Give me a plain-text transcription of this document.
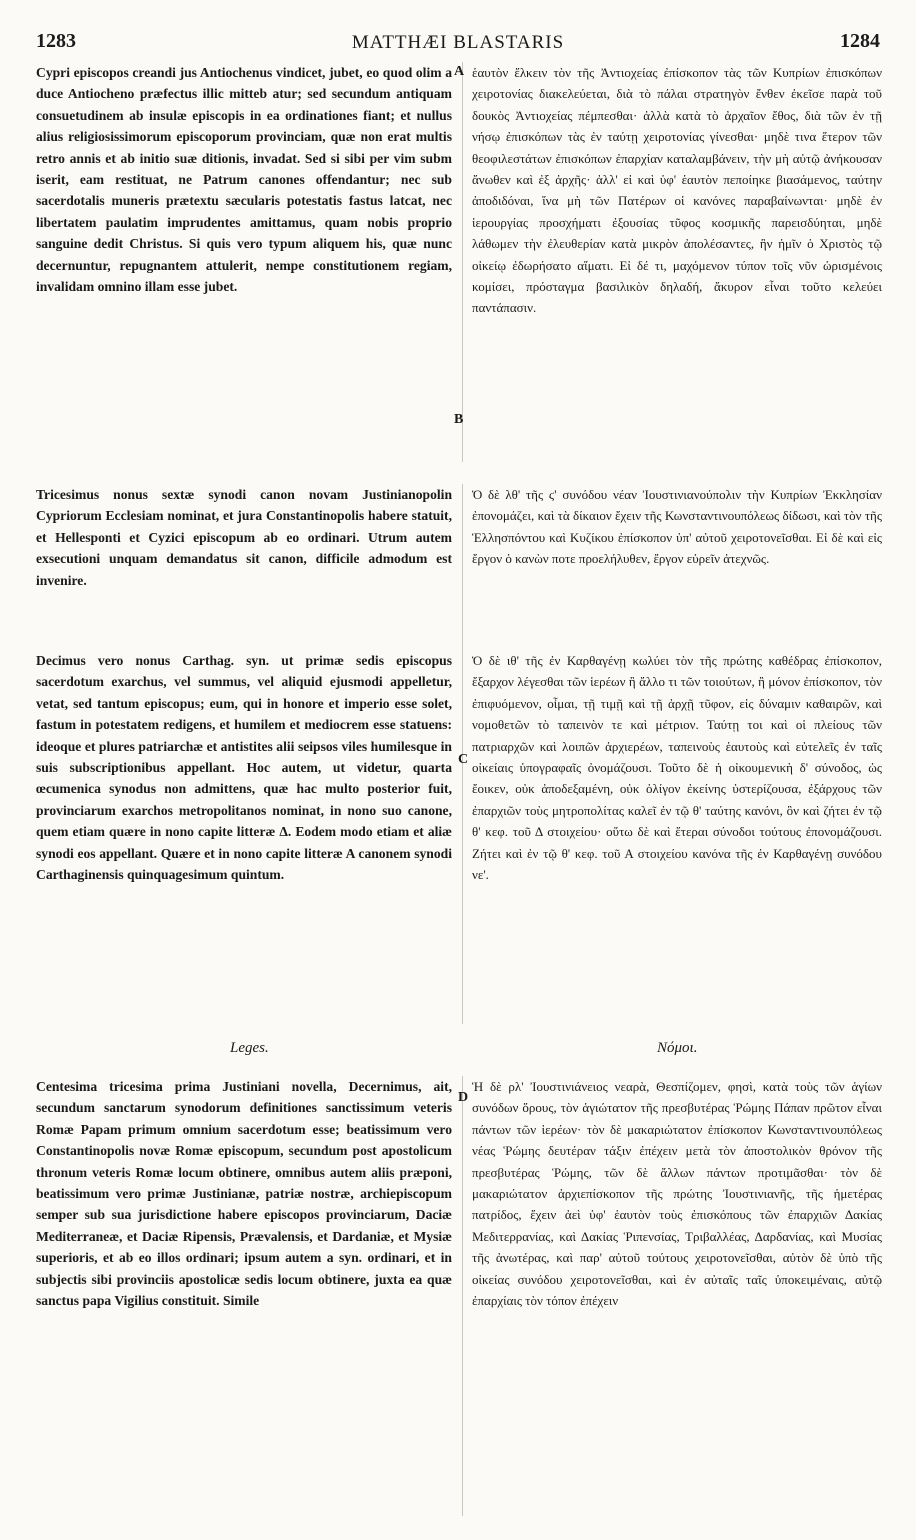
1283	MATTHÆI BLASTARIS	1284
A
B
C
D

Cypri episcopos creandi jus Antiochenus vindicet, jubet, eo quod olim a duce Antiocheno præfectus illic mitteb atur; sed secundum antiquam consuetudinem ab insulæ episcopis in ea ordinationes fiant; et nullus alius religiosissimorum episcoporum provinciam, quæ non erat multis retro annis et ab initio suæ ditionis, invadat. Sed si sibi per vim subm iserit, eam restituat, ne Patrum canones offendantur; nec sub sacerdotalis muneris prætextu sæcularis potestatis fastus latcat, nec libertatem paulatim imprudentes amittamus, quam nobis proprio sanguine dedit Christus. Si quis vero typum aliquem his, quæ nunc decernuntur, repugnantem attulerit, nempe constitutionem regiam, invalidam omnino illam esse jubet.

ἑαυτὸν ἕλκειν τὸν τῆς Ἀντιοχείας ἐπίσκοπον τὰς τῶν Κυπρίων ἐπισκόπων χειροτονίας διακελεύεται, διὰ τὸ πάλαι στρατηγὸν ἔνθεν ἐκεῖσε παρὰ τοῦ δουκὸς Ἀντιοχείας πέμπεσθαι· ἀλλὰ κατὰ τὸ ἀρχαῖον ἔθος, διὰ τῶν ἐν τῇ νήσῳ ἐπισκόπων τὰς ἐν ταύτῃ χειροτονίας γίνεσθαι· μηδὲ τινα ἕτερον τῶν θεοφιλεστάτων ἐπισκόπων ἐπαρχίαν καταλαμβάνειν, τὴν μὴ αὐτῷ ἀνήκουσαν ἄνωθεν καὶ ἐξ ἀρχῆς· ἀλλ' εἰ καὶ ὑφ' ἑαυτὸν πεποίηκε βιασάμενος, ταύτην ἀποδιδόναι, ἵνα μὴ τῶν Πατέρων οἱ κανόνες παραβαίνωνται· μηδὲ ἐν ἱερουργίας προσχήματι ἐξουσίας τῦφος κοσμικῆς παρεισδύηται, μηδὲ λάθωμεν τὴν ἐλευθερίαν κατὰ μικρὸν ἀπολέσαντες, ἣν ἡμῖν ὁ Χριστὸς τῷ οἰκείῳ ἐδωρήσατο αἵματι. Εἰ δέ τι, μαχόμενον τύπον τοῖς νῦν ὡρισμένοις κομίσει, πρόσταγμα βασιλικὸν δηλαδή, ἄκυρον εἶναι τοῦτο κελεύει παντάπασιν.

Tricesimus nonus sextæ synodi canon novam Justinianopolin Cypriorum Ecclesiam nominat, et jura Constantinopolis habere statuit, et Hellesponti et Cyzici episcopum ab eo ordinari. Utrum autem exsecutioni unquam demandatus sit canon, difficile admodum est invenire.

Ὁ δὲ λθ' τῆς ϛ' συνόδου νέαν Ἰουστινιανούπολιν τὴν Κυπρίων Ἐκκλησίαν ἐπονομάζει, καὶ τὰ δίκαιον ἔχειν τῆς Κωνσταντινουπόλεως δίδωσι, καὶ τὸν τῆς Ἑλλησπόντου καὶ Κυζίκου ἐπίσκοπον ὑπ' αὐτοῦ χειροτονεῖσθαι. Εἰ δὲ καὶ εἰς ἔργον ὁ κανὼν ποτε προελήλυθεν, ἔργον εὑρεῖν ἀτεχνῶς.

Decimus vero nonus Carthag. syn. ut primæ sedis episcopus sacerdotum exarchus, vel summus, vel aliquid ejusmodi appelletur, vetat, sed tantum episcopus; eum, qui in honore et imperio esse solet, fastum in potestatem redigens, et humilem et mediocrem esse statuens: ideoque et plures patriarchæ et antistites alii seipsos viles humilesque in suis subscriptionibus appellant. Hoc autem, ut videtur, quarta œcumenica synodus non admittens, quæ hac multo posterior fuit, provinciarum exarchos metropolitanos nominat, in nono suo canone, quem etiam quære in nono capite litteræ Δ. Eodem modo etiam et aliæ synodi eos appellant. Quære et in nono capite litteræ A canonem synodi Carthaginensis quinquagesimum quintum.

Ὁ δὲ ιθ' τῆς ἐν Καρθαγένῃ κωλύει τὸν τῆς πρώτης καθέδρας ἐπίσκοπον, ἔξαρχον λέγεσθαι τῶν ἱερέων ἢ ἄλλο τι τῶν τοιούτων, ἢ μόνον ἐπίσκοπον, τὸν ἐπιφυόμενον, οἶμαι, τῇ τιμῇ καὶ τῇ ἀρχῇ τῦφον, εἰς δύναμιν καθαιρῶν, καὶ νομοθετῶν τὸ ταπεινὸν τε καὶ μέτριον. Ταύτῃ τοι καὶ οἱ πλείους τῶν πατριαρχῶν καὶ λοιπῶν ἀρχιερέων, ταπεινοὺς ἑαυτοὺς καὶ εὐτελεῖς ἐν ταῖς οἰκείαις ὑπογραφαῖς ὀνομάζουσι. Τοῦτο δὲ ἡ οἰκουμενικὴ δ' σύνοδος, ὡς ἔοικεν, οὐκ ἀποδεξαμένη, οὐκ ὀλίγον ἐκείνης ὑστερίζουσα, ἐξάρχους τῶν ἐπαρχιῶν τοὺς μητροπολίτας καλεῖ ἐν τῷ θ' ταύτης κανόνι, ὃν καὶ ζήτει ἐν τῷ θ' κεφ. τοῦ Δ στοιχείου· οὕτω δὲ καὶ ἕτεραι σύνοδοι τούτους ἐπονομάζουσι. Ζήτει καὶ ἐν τῷ θ' κεφ. τοῦ Α στοιχείου κανόνα τῆς ἐν Καρθαγένῃ συνόδου νε'.

Leges.	Νόμοι.

Centesima tricesima prima Justiniani novella, Decernimus, ait, secundum sanctarum synodorum definitiones sanctissimum veteris Romæ Papam primum omnium sacerdotum esse; beatissimum vero Constantinopolis novæ Romæ episcopum, secundum post apostolicum thronum veteris Romæ locum obtinere, omnibus autem aliis præponi, beatissimum vero primæ Justinianæ, patriæ nostræ, archiepiscopum semper sub sua jurisdictione habere episcopos provinciarum, Daciæ Mediterraneæ, et Daciæ Ripensis, Prævalensis, et Dardaniæ, et Mysiæ superioris, et ab eo illos ordinari; ipsum autem a syn. ordinari, et in subjectis sibi provinciis apostolicæ sedis locum obtinere, juxta ea quæ sanctus papa Vigilius constituit. Simile

Ἡ δὲ ρλ' Ἰουστινιάνειος νεαρὰ, Θεσπίζομεν, φησὶ, κατὰ τοὺς τῶν ἁγίων συνόδων ὅρους, τὸν ἁγιώτατον τῆς πρεσβυτέρας Ῥώμης Πάπαν πρῶτον εἶναι πάντων τῶν ἱερέων· τὸν δὲ μακαριώτατον ἐπίσκοπον Κωνσταντινουπόλεως νέας Ῥώμης δευτέραν τάξιν ἐπέχειν μετὰ τὸν ἀποστολικὸν θρόνον τῆς πρεσβυτέρας Ῥώμης, τῶν δὲ ἄλλων πάντων προτιμᾶσθαι· τὸν δὲ μακαριώτατον ἀρχιεπίσκοπον τῆς πρώτης Ἰουστινιανῆς, τῆς ἡμετέρας πατρίδος, ἔχειν ἀεὶ ὑφ' ἑαυτὸν τοὺς ἐπισκόπους τῶν ἐπαρχιῶν Δακίας Μεδιτερρανίας, καὶ Δακίας Ῥιπενσίας, Τριβαλλέας, Δαρδανίας, καὶ Μυσίας τῆς ἀνωτέρας, καὶ παρ' αὐτοῦ τούτους χειροτονεῖσθαι, αὐτὸν δὲ ὑπὸ τῆς οἰκείας συνόδου χειροτονεῖσθαι, καὶ ἐν αὐταῖς ταῖς ὑποκειμέναις, αὐτῷ ἐπαρχίαις τὸν τόπον ἐπέχειν
